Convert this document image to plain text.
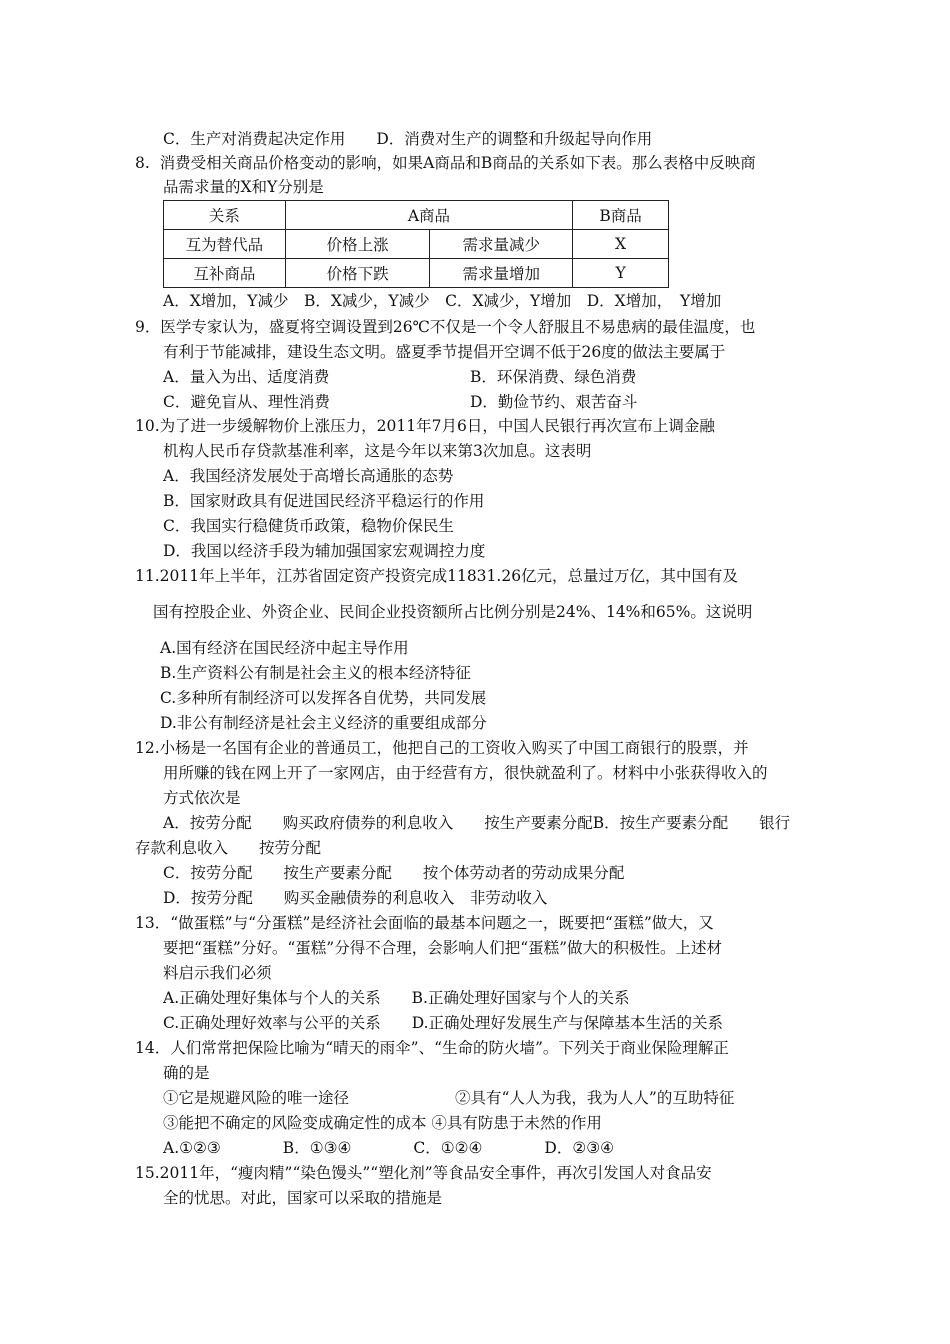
C．生产对消费起决定作用　　D．消费对生产的调整和升级起导向作用
8.  消费受相关商品价格变动的影响，如果A商品和B商品的关系如下表。那么表格中反映商
品需求量的X和Y分别是
关系	A商品		B商品
互为替代品	价格上涨	需求量减少	X
互补商品	价格下跌	需求量增加	Y
A．X增加，Y减少　B．X减少，Y减少　C．X减少，Y增加　D．X增加，　Y增加
9．医学专家认为，盛夏将空调设置到26℃不仅是一个令人舒服且不易患病的最佳温度，也
有利于节能减排，建设生态文明。盛夏季节提倡开空调不低于26度的做法主要属于
A．量入为出、适度消费	B．环保消费、绿色消费
C．避免盲从、理性消费	D．勤俭节约、艰苦奋斗
10.为了进一步缓解物价上涨压力，2011年7月6日，中国人民银行再次宣布上调金融
机构人民币存贷款基准利率，这是今年以来第3次加息。这表明
A．我国经济发展处于高增长高通胀的态势
B．国家财政具有促进国民经济平稳运行的作用
C．我国实行稳健货币政策，稳物价保民生
D．我国以经济手段为辅加强国家宏观调控力度
11.2011年上半年，江苏省固定资产投资完成11831.26亿元，总量过万亿，其中国有及
国有控股企业、外资企业、民间企业投资额所占比例分别是24%、14%和65%。这说明
A.国有经济在国民经济中起主导作用
B.生产资料公有制是社会主义的根本经济特征
C.多种所有制经济可以发挥各自优势，共同发展
D.非公有制经济是社会主义经济的重要组成部分
12.小杨是一名国有企业的普通员工，他把自己的工资收入购买了中国工商银行的股票，并
用所赚的钱在网上开了一家网店，由于经营有方，很快就盈利了。材料中小张获得收入的
方式依次是
A．按劳分配　　购买政府债券的利息收入　　按生产要素分配B．按生产要素分配　　银行
存款利息收入　　按劳分配
C．按劳分配　　按生产要素分配　　按个体劳动者的劳动成果分配
D．按劳分配　　购买金融债券的利息收入　非劳动收入
13．“做蛋糕”与“分蛋糕”是经济社会面临的最基本问题之一，既要把“蛋糕”做大，又
要把“蛋糕”分好。“蛋糕”分得不合理，会影响人们把“蛋糕”做大的积极性。上述材
料启示我们必须
A.正确处理好集体与个人的关系　　B.正确处理好国家与个人的关系
C.正确处理好效率与公平的关系　　D.正确处理好发展生产与保障基本生活的关系
14．人们常常把保险比喻为“晴天的雨伞”、“生命的防火墙”。下列关于商业保险理解正
确的是
①它是规避风险的唯一途径	②具有“人人为我，我为人人”的互助特征
③能把不确定的风险变成确定性的成本 ④具有防患于未然的作用
A.①②③　　　　B．①③④　　　　C．①②④　　　　D．②③④
15.2011年，“瘦肉精”“染色馒头”“塑化剂”等食品安全事件，再次引发国人对食品安
全的忧思。对此，国家可以采取的措施是
